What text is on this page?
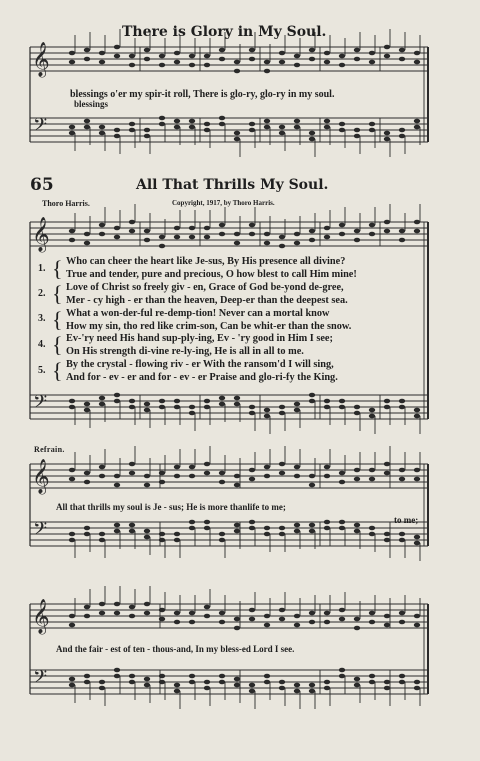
There is Glory in My Soul.
𝄞
𝄢
𝄞
𝄢
𝄞
𝄢
𝄞
𝄢
blessings o'er my spir-it roll, There is glo-ry, glo-ry in my soul.
blessings
65	All That Thrills My Soul.
Thoro Harris.	Copyright, 1917, by Thoro Harris.
1. { Who can cheer the heart like Je-sus, By His presence all divine?
True and tender, pure and precious, O how blest to call Him mine!
2. { Love of Christ so freely giv - en, Grace of God be-yond de-gree,
Mer - cy high - er than the heaven, Deep-er than the deepest sea.
3. { What a won-der-ful re-demp-tion! Never can a mortal know
How my sin, tho red like crim-son, Can be whit-er than the snow.
4. { Ev-'ry need His hand sup-ply-ing, Ev - 'ry good in Him I see;
On His strength di-vine re-ly-ing, He is all in all to me.
5. { By the crystal - flowing riv - er With the ransom'd I will sing,
And for - ev - er and for - ev - er Praise and glo-ri-fy the King.
Refrain.
All that thrills my soul is Je - sus; He is more thanlife to me;
to me;
And the fair - est of ten - thous-and, In my bless-ed Lord I see.
